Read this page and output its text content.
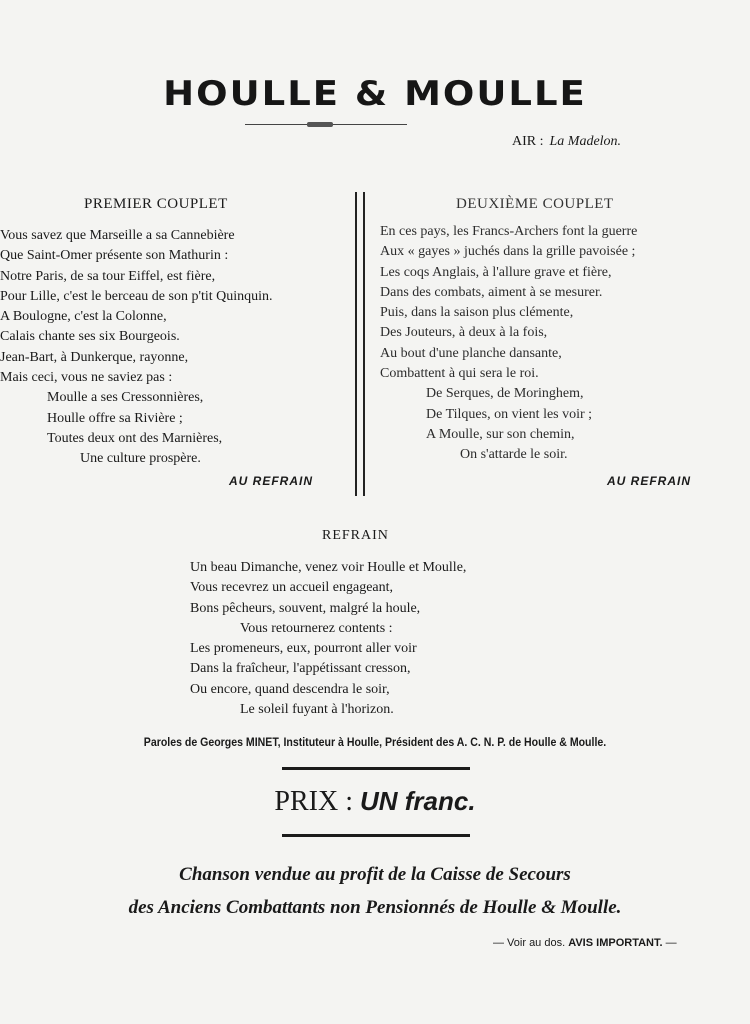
HOULLE & MOULLE
AIR : La Madelon.
PREMIER COUPLET
Vous savez que Marseille a sa Cannebière
Que Saint-Omer présente son Mathurin :
Notre Paris, de sa tour Eiffel, est fière,
Pour Lille, c'est le berceau de son p'tit Quinquin.
A Boulogne, c'est la Colonne,
Calais chante ses six Bourgeois.
Jean-Bart, à Dunkerque, rayonne,
Mais ceci, vous ne saviez pas :
Moulle a ses Cressonnières,
Houlle offre sa Rivière ;
Toutes deux ont des Marnières,
Une culture prospère.
AU REFRAIN
DEUXIÈME COUPLET
En ces pays, les Francs-Archers font la guerre
Aux « gayes » juchés dans la grille pavoisée ;
Les coqs Anglais, à l'allure grave et fière,
Dans des combats, aiment à se mesurer.
Puis, dans la saison plus clémente,
Des Jouteurs, à deux à la fois,
Au bout d'une planche dansante,
Combattent à qui sera le roi.
De Serques, de Moringhem,
De Tilques, on vient les voir ;
A Moulle, sur son chemin,
On s'attarde le soir.
AU REFRAIN
REFRAIN
Un beau Dimanche, venez voir Houlle et Moulle,
Vous recevrez un accueil engageant,
Bons pêcheurs, souvent, malgré la houle,
Vous retournerez contents :
Les promeneurs, eux, pourront aller voir
Dans la fraîcheur, l'appétissant cresson,
Ou encore, quand descendra le soir,
Le soleil fuyant à l'horizon.
Paroles de Georges MINET, Instituteur à Houlle, Président des A. C. N. P. de Houlle & Moulle.
PRIX : UN franc.
Chanson vendue au profit de la Caisse de Secours
des Anciens Combattants non Pensionnés de Houlle & Moulle.
— Voir au dos. AVIS IMPORTANT. —
